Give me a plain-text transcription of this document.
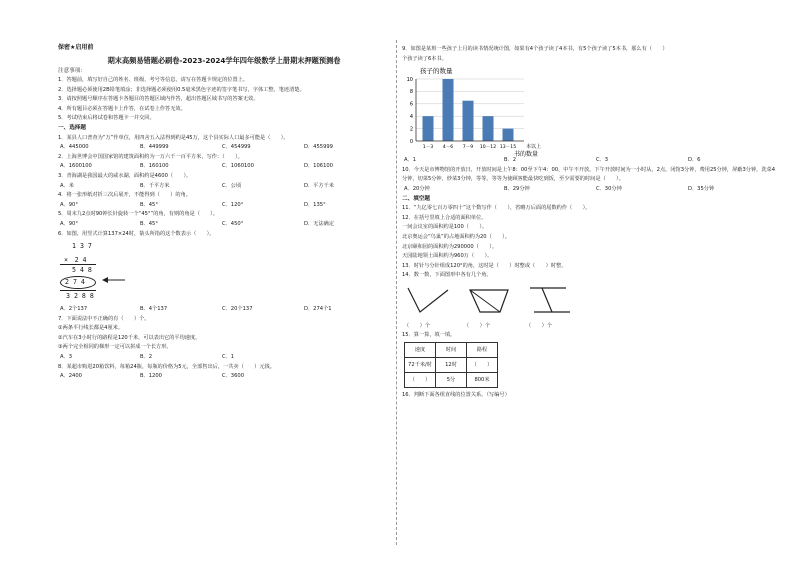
保密★启用前
期末高频易错题必刷卷-2023-2024学年四年级数学上册期末押题预测卷
注意事项：
1．答题前，填写好自己的姓名、班级、考号等信息，请写在答题卡规定的位置上。
2．选择题必须使用2B铅笔填涂；非选择题必须使用0.5毫米黑色字迹的签字笔书写，字体工整、笔迹清楚。
3．请按照题号顺序在答题卡各题目的答题区域内作答，超出答题区域书写的答案无效。
4．所有题目必须在答题卡上作答，在试卷上作答无效。
5．考试结束后将试卷和答题卡一并交回。
一、选择题
1．某县人口普查为“万”作单位，用四舍五入法得到约是45万，这个县实际人口最多可能是（　　）。
A．445000	B．449999	C．454999	D．455999
2．上海世博会中国国家馆的建筑面积约为一万六千一百平方米，写作：（　　）。
A．1600100	B．160100	C．1060100	D．106100
3．青海湖是我国最大的咸水湖，面积约是4600（　　）。
A．米	B．千平方米	C．公顷	D．平方千米
4．将一张形纸对折三次后展开，不能得到（　　）的角。
A．90°	B．45°	C．120°	D．135°
5．周末九2点时90钟长针旋转一个“45°”的角，有则的角是（　　）。
A．90°	B．45°	C．450°	D．无法确定
6．如图，用竖式计算137×24时，箭头所指的这个数表示（　　）。
1 3 7
×　2 4
5 4 8
2 7 4
3 2 8 8
A．2个137	B．4个137	C．20个137	D．274个1
7．下面说法中不正确的有（　　）个。
①两条平行线长都是4厘米。
②汽车在3小时行的路程是120千米，可以表出它的平均速度。
③两个完全相同的梯形一定可以拼成一个长方形。
A．3	B．2	C．1
8．某超市购进20箱饮料，每箱24瓶，每瓶的价格为5元，全部售出后，一共卖（　　）元钱。
A．2400	B．1200	C．3600
9．如图是某班一些孩子上月的读书情况统计图，如果有4个孩子读了4本书，有5个孩子读了5本书，那么有（　　）
个孩子读了6本书。
孩子的数量
0
2
4
6
8
10
1－3 4－6 7－9 10－12 13－15 本以上
书的数量
A．1	B．2	C．3	D．6
10．今天是市博物馆的开放日，开放时间是上午8：00至下午4：00，中午不开放。下午开放时间为一小时从，2点，闭馆3分钟，费用25分钟，屏蔽3分钟，洗菜4
分钟，切菜5分钟，炒菜3分钟，等等。等等为使顾客能最快吃到饭，至少需要的时间是（　　）。
A．20分钟	B．29分钟	C．30分钟	D．35分钟
二、填空题
11．“九亿零七百万零四十”这个数写作（　　），省略万后面的尾数约作（　　）。
12．在括号里填上合适的面积单位。
一间会议室的面积约是100（　　）。
北京奥运会“鸟巢”的占地面积约为20（　　）。
北京颐和园的面积约为290000（　　）。
天园陆地领土面积约为960万（　　）。
13．时针与分针组成120°的角，这时是（　　）时整或（　　）时整。
14．数一数，下面图形中各有几个角。
（　　）个	（　　）个	（　　）个
15．算一算，填一填。
速度	时间	路程
72千米/时	12时	（　　）
（　　）	5分	800米
16．判断下面各组直线的位置关系。（写编号）
